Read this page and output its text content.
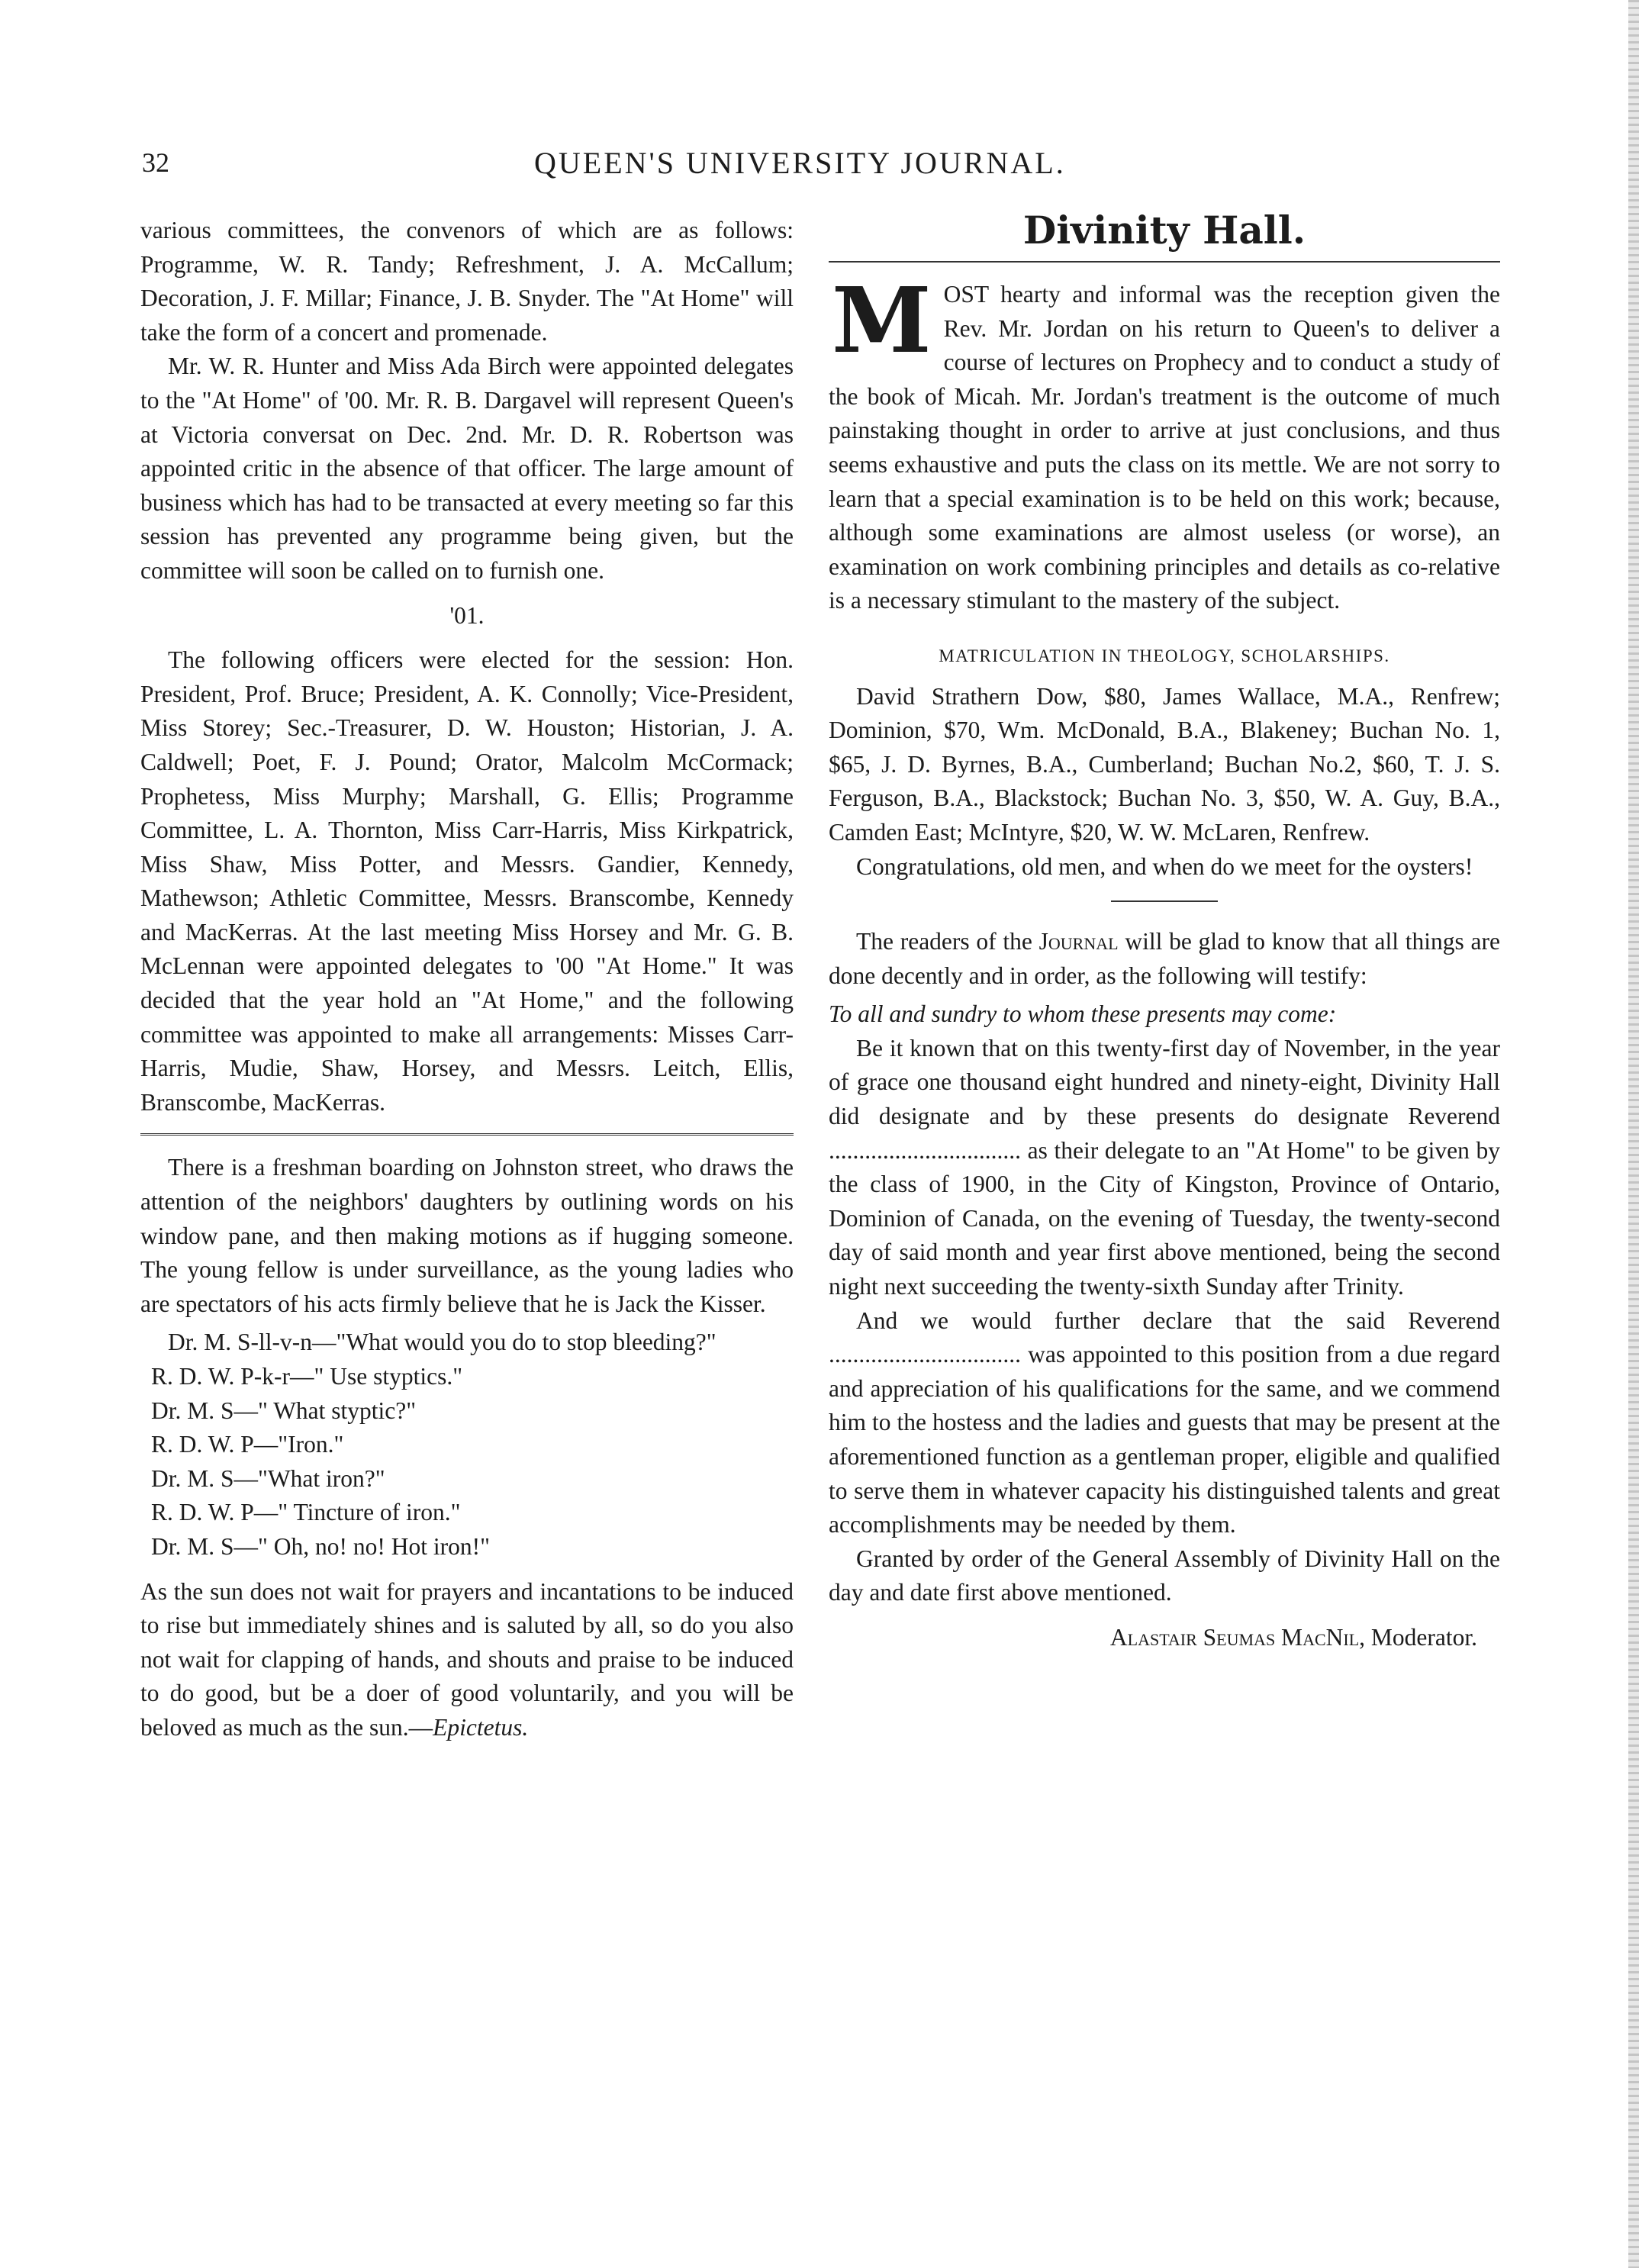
32	QUEEN'S UNIVERSITY JOURNAL.

various committees, the convenors of which are as follows: Programme, W. R. Tandy; Refreshment, J. A. McCallum; Decoration, J. F. Millar; Finance, J. B. Snyder. The "At Home" will take the form of a concert and promenade.

Mr. W. R. Hunter and Miss Ada Birch were appointed delegates to the "At Home" of '00. Mr. R. B. Dargavel will represent Queen's at Victoria conversat on Dec. 2nd. Mr. D. R. Robertson was appointed critic in the absence of that officer. The large amount of business which has had to be transacted at every meeting so far this session has prevented any programme being given, but the committee will soon be called on to furnish one.

'01.

The following officers were elected for the session: Hon. President, Prof. Bruce; President, A. K. Connolly; Vice-President, Miss Storey; Sec.-Treasurer, D. W. Houston; Historian, J. A. Caldwell; Poet, F. J. Pound; Orator, Malcolm McCormack; Prophetess, Miss Murphy; Marshall, G. Ellis; Programme Committee, L. A. Thornton, Miss Carr-Harris, Miss Kirkpatrick, Miss Shaw, Miss Potter, and Messrs. Gandier, Kennedy, Mathewson; Athletic Committee, Messrs. Branscombe, Kennedy and MacKerras. At the last meeting Miss Horsey and Mr. G. B. McLennan were appointed delegates to '00 "At Home." It was decided that the year hold an "At Home," and the following committee was appointed to make all arrangements: Misses Carr-Harris, Mudie, Shaw, Horsey, and Messrs. Leitch, Ellis, Branscombe, MacKerras.

There is a freshman boarding on Johnston street, who draws the attention of the neighbors' daughters by outlining words on his window pane, and then making motions as if hugging someone. The young fellow is under surveillance, as the young ladies who are spectators of his acts firmly believe that he is Jack the Kisser.

Dr. M. S-ll-v-n—"What would you do to stop bleeding?"

R. D. W. P-k-r—" Use styptics."
Dr. M. S—" What styptic?"
R. D. W. P—"Iron."
Dr. M. S—"What iron?"
R. D. W. P—" Tincture of iron."
Dr. M. S—" Oh, no! no! Hot iron!"

As the sun does not wait for prayers and incantations to be induced to rise but immediately shines and is saluted by all, so do you also not wait for clapping of hands, and shouts and praise to be induced to do good, but be a doer of good voluntarily, and you will be beloved as much as the sun.—Epictetus.

Divinity Hall.

MOST hearty and informal was the reception given the Rev. Mr. Jordan on his return to Queen's to deliver a course of lectures on Prophecy and to conduct a study of the book of Micah. Mr. Jordan's treatment is the outcome of much painstaking thought in order to arrive at just conclusions, and thus seems exhaustive and puts the class on its mettle. We are not sorry to learn that a special examination is to be held on this work; because, although some examinations are almost useless (or worse), an examination on work combining principles and details as co-relative is a necessary stimulant to the mastery of the subject.

MATRICULATION IN THEOLOGY, SCHOLARSHIPS.

David Strathern Dow, $80, James Wallace, M.A., Renfrew; Dominion, $70, Wm. McDonald, B.A., Blakeney; Buchan No. 1, $65, J. D. Byrnes, B.A., Cumberland; Buchan No.2, $60, T. J. S. Ferguson, B.A., Blackstock; Buchan No. 3, $50, W. A. Guy, B.A., Camden East; McIntyre, $20, W. W. McLaren, Renfrew.

Congratulations, old men, and when do we meet for the oysters!

The readers of the Journal will be glad to know that all things are done decently and in order, as the following will testify:

To all and sundry to whom these presents may come:

Be it known that on this twenty-first day of November, in the year of grace one thousand eight hundred and ninety-eight, Divinity Hall did designate and by these presents do designate Reverend ................................ as their delegate to an "At Home" to be given by the class of 1900, in the City of Kingston, Province of Ontario, Dominion of Canada, on the evening of Tuesday, the twenty-second day of said month and year first above mentioned, being the second night next succeeding the twenty-sixth Sunday after Trinity.

And we would further declare that the said Reverend ................................ was appointed to this position from a due regard and appreciation of his qualifications for the same, and we commend him to the hostess and the ladies and guests that may be present at the aforementioned function as a gentleman proper, eligible and qualified to serve them in whatever capacity his distinguished talents and great accomplishments may be needed by them.

Granted by order of the General Assembly of Divinity Hall on the day and date first above mentioned.

Alastair Seumas MacNil, Moderator.
